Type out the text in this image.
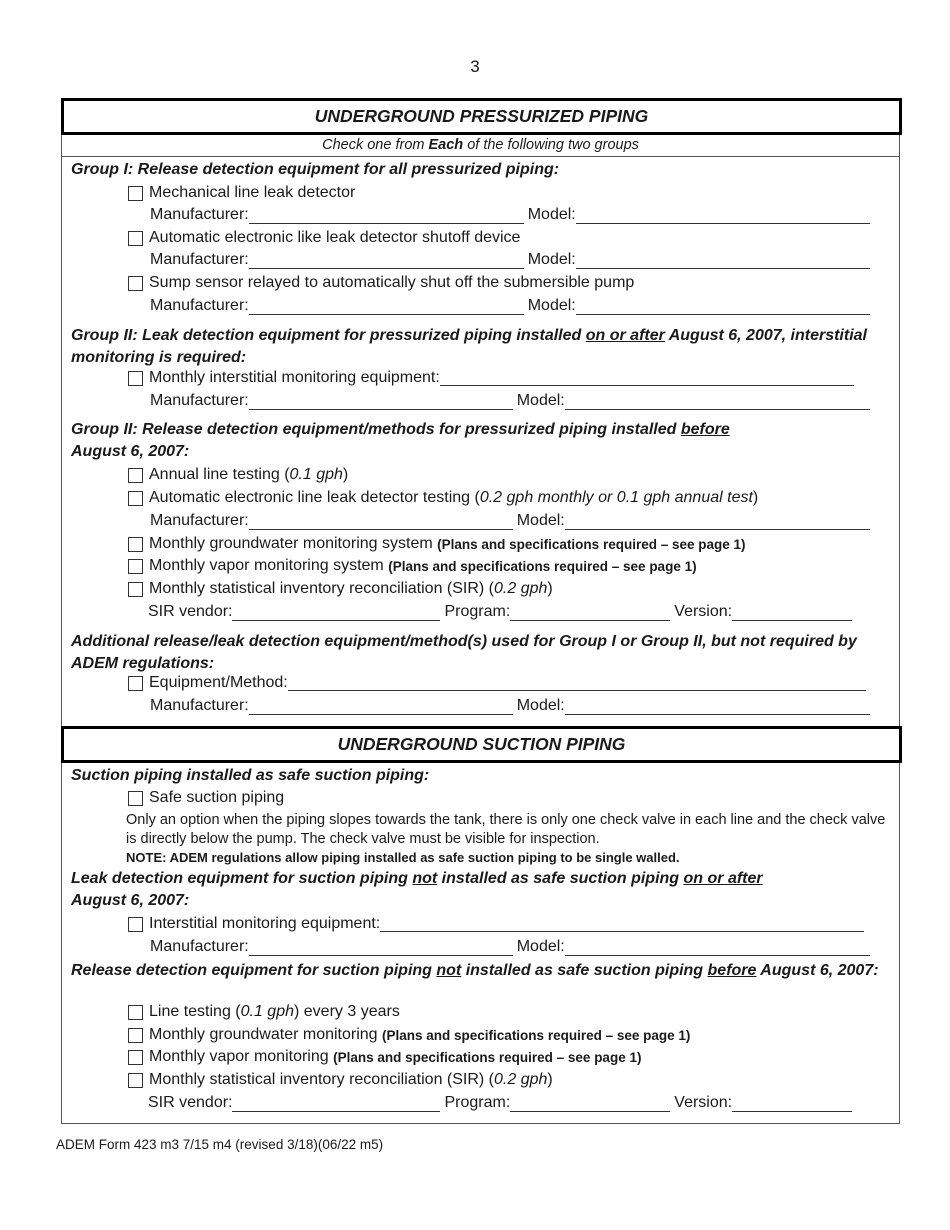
3
UNDERGROUND PRESSURIZED PIPING
Check one from Each of the following two groups
Group I: Release detection equipment for all pressurized piping:
Mechanical line leak detector
Manufacturer:	Model:
Automatic electronic like leak detector shutoff device
Manufacturer:	Model:
Sump sensor relayed to automatically shut off the submersible pump
Manufacturer:	Model:
Group II: Leak detection equipment for pressurized piping installed on or after August 6, 2007, interstitial monitoring is required:
Monthly interstitial monitoring equipment:
Manufacturer:	Model:
Group II: Release detection equipment/methods for pressurized piping installed before
August 6, 2007:
Annual line testing ( 0.1 gph )
Automatic electronic line leak detector testing ( 0.2 gph monthly or 0.1 gph annual test )
Manufacturer:	Model:
Monthly groundwater monitoring system
(Plans and specifications required – see page 1)
Monthly vapor monitoring system
(Plans and specifications required – see page 1)
Monthly statistical inventory reconciliation (SIR) ( 0.2 gph )
SIR vendor:	Program:	Version:
Additional release/leak detection equipment/method(s) used for Group I or Group II, but not required by ADEM regulations:
Equipment/Method:
Manufacturer:	Model:
UNDERGROUND SUCTION PIPING
Suction piping installed as safe suction piping:
Safe suction piping
Only an option when the piping slopes towards the tank, there is only one check valve in each line and the check valve is directly below the pump. The check valve must be visible for inspection.
NOTE: ADEM regulations allow piping installed as safe suction piping to be single walled.
Leak detection equipment for suction piping not installed as safe suction piping on or after
August 6, 2007:
Interstitial monitoring equipment:
Manufacturer:	Model:
Release detection equipment for suction piping not installed as safe suction piping before August 6, 2007:
Line testing ( 0.1 gph ) every 3 years
Monthly groundwater monitoring
(Plans and specifications required – see page 1)
Monthly vapor monitoring
(Plans and specifications required – see page 1)
Monthly statistical inventory reconciliation (SIR) ( 0.2 gph )
SIR vendor:	Program:	Version:
ADEM Form 423 m3 7/15 m4 (revised 3/18)(06/22 m5)
